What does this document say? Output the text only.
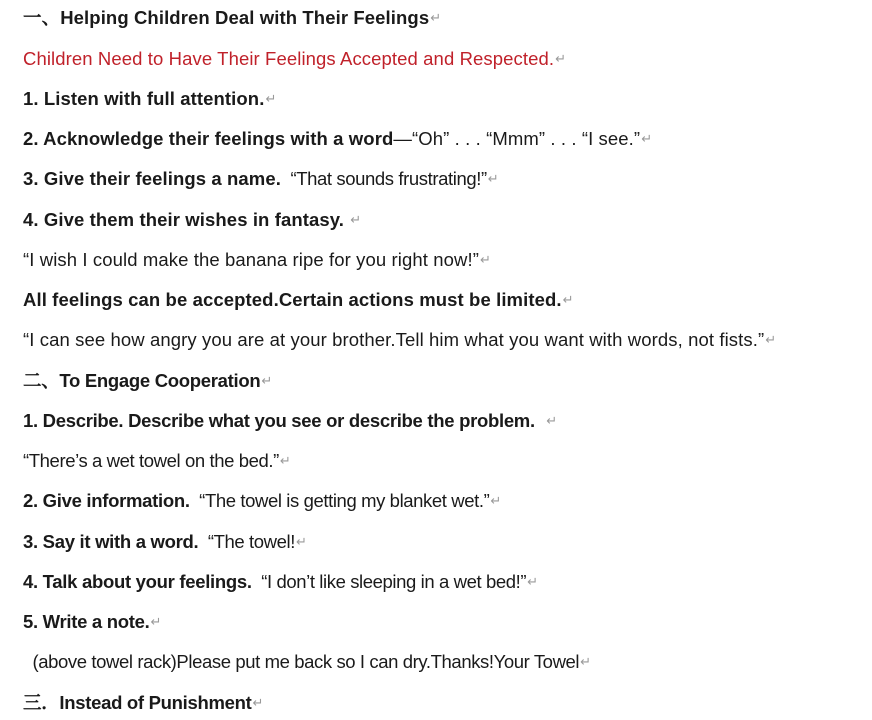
一、Helping Children Deal with Their Feelings↵
Children Need to Have Their Feelings Accepted and Respected.↵
1. Listen with full attention.↵
2. Acknowledge their feelings with a word—“Oh” . . . “Mmm” . . . “I see.”↵
3. Give their feelings a name.  “That sounds frustrating!”↵
4. Give them their wishes in fantasy. ↵
“I wish I could make the banana ripe for you right now!”↵
All feelings can be accepted.Certain actions must be limited.↵
“I can see how angry you are at your brother.Tell him what you want with words, not fists.”↵
二、To Engage Cooperation↵
1. Describe. Describe what you see or describe the problem. ↵
“There’s a wet towel on the bed.”↵
2. Give information.  “The towel is getting my blanket wet.”↵
3. Say it with a word.  “The towel!↵
4. Talk about your feelings.  “I don’t like sleeping in a wet bed!”↵
5. Write a note.↵
(above towel rack)Please put me back so I can dry.Thanks!Your Towel↵
三．Instead of Punishment↵
